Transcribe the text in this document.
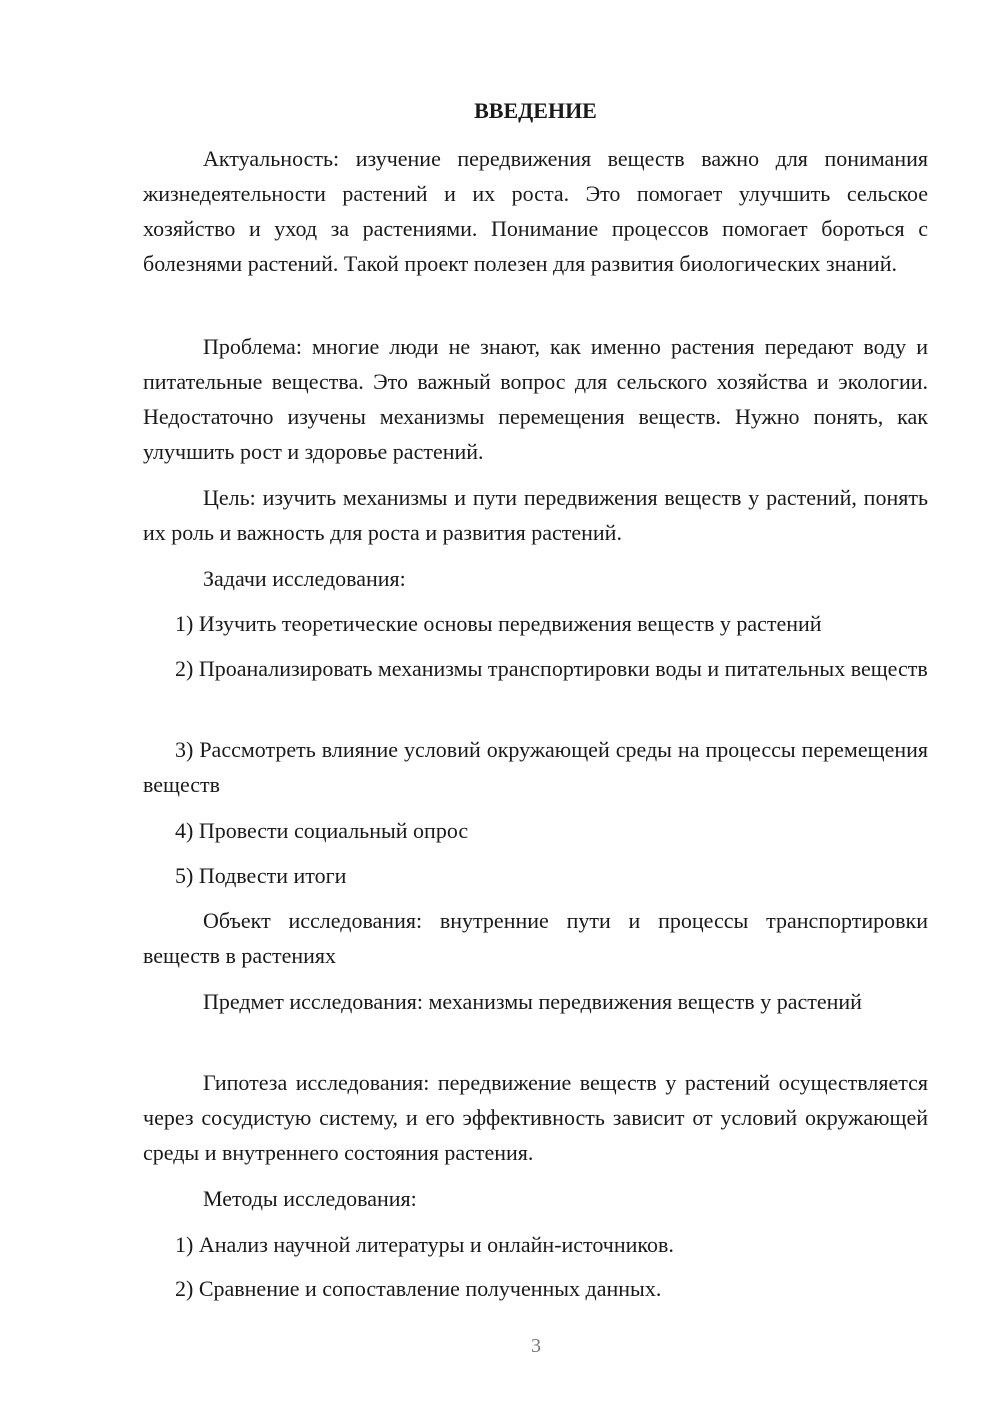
ВВЕДЕНИЕ

Актуальность: изучение передвижения веществ важно для понимания жизнедеятельности растений и их роста. Это помогает улучшить сельское хозяйство и уход за растениями. Понимание процессов помогает бороться с болезнями растений. Такой проект полезен для развития биологических знаний.

Проблема: многие люди не знают, как именно растения передают воду и питательные вещества. Это важный вопрос для сельского хозяйства и экологии. Недостаточно изучены механизмы перемещения веществ. Нужно понять, как улучшить рост и здоровье растений.

Цель: изучить механизмы и пути передвижения веществ у растений, понять их роль и важность для роста и развития растений.

Задачи исследования:

1) Изучить теоретические основы передвижения веществ у растений

2) Проанализировать механизмы транспортировки воды и питательных веществ

3) Рассмотреть влияние условий окружающей среды на процессы перемещения веществ

4) Провести социальный опрос

5) Подвести итоги

Объект исследования: внутренние пути и процессы транспортировки веществ в растениях

Предмет исследования: механизмы передвижения веществ у растений

Гипотеза исследования: передвижение веществ у растений осуществляется через сосудистую систему, и его эффективность зависит от условий окружающей среды и внутреннего состояния растения.

Методы исследования:

1) Анализ научной литературы и онлайн-источников.

2) Сравнение и сопоставление полученных данных.

3
